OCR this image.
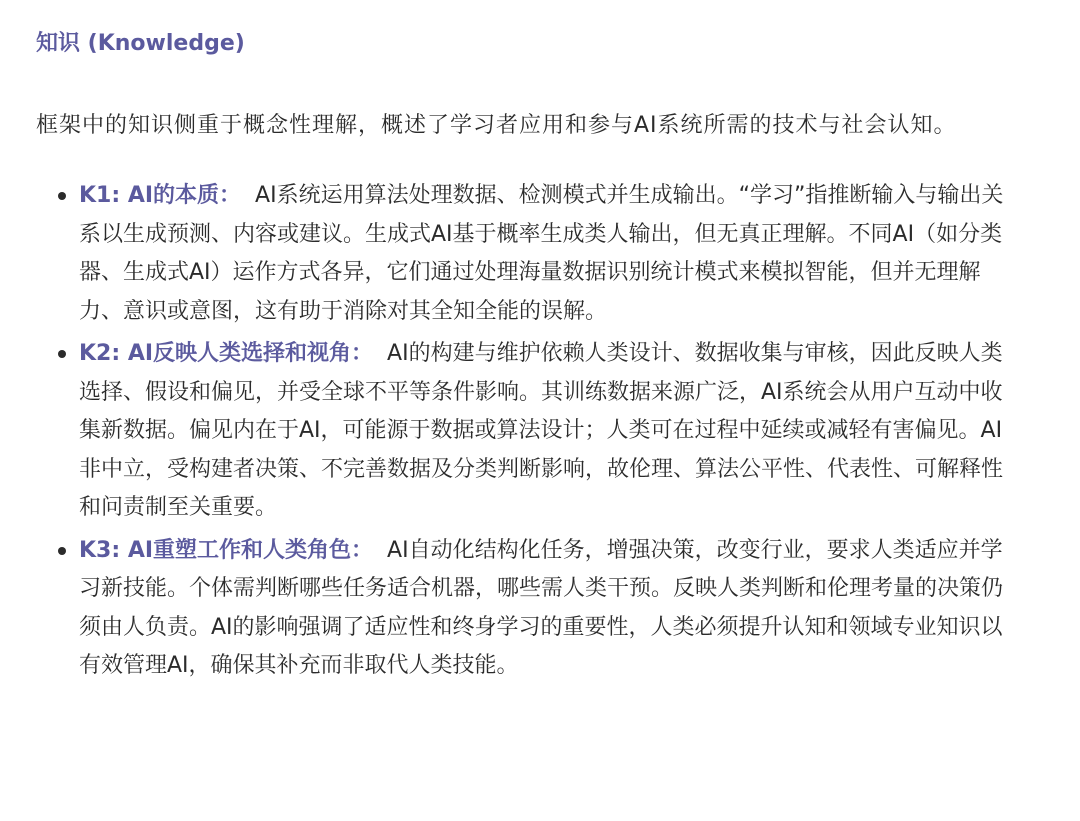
知识 (Knowledge)

框架中的知识侧重于概念性理解，概述了学习者应用和参与AI系统所需的技术与社会认知。

K1: AI的本质： AI系统运用算法处理数据、检测模式并生成输出。“学习”指推断输入与输出关系以生成预测、内容或建议。生成式AI基于概率生成类人输出，但无真正理解。不同AI（如分类器、生成式AI）运作方式各异，它们通过处理海量数据识别统计模式来模拟智能，但并无理解力、意识或意图，这有助于消除对其全知全能的误解。
K2: AI反映人类选择和视角： AI的构建与维护依赖人类设计、数据收集与审核，因此反映人类选择、假设和偏见，并受全球不平等条件影响。其训练数据来源广泛，AI系统会从用户互动中收集新数据。偏见内在于AI，可能源于数据或算法设计；人类可在过程中延续或减轻有害偏见。AI非中立，受构建者决策、不完善数据及分类判断影响，故伦理、算法公平性、代表性、可解释性和问责制至关重要。
K3: AI重塑工作和人类角色： AI自动化结构化任务，增强决策，改变行业，要求人类适应并学习新技能。个体需判断哪些任务适合机器，哪些需人类干预。反映人类判断和伦理考量的决策仍须由人负责。AI的影响强调了适应性和终身学习的重要性，人类必须提升认知和领域专业知识以有效管理AI，确保其补充而非取代人类技能。
